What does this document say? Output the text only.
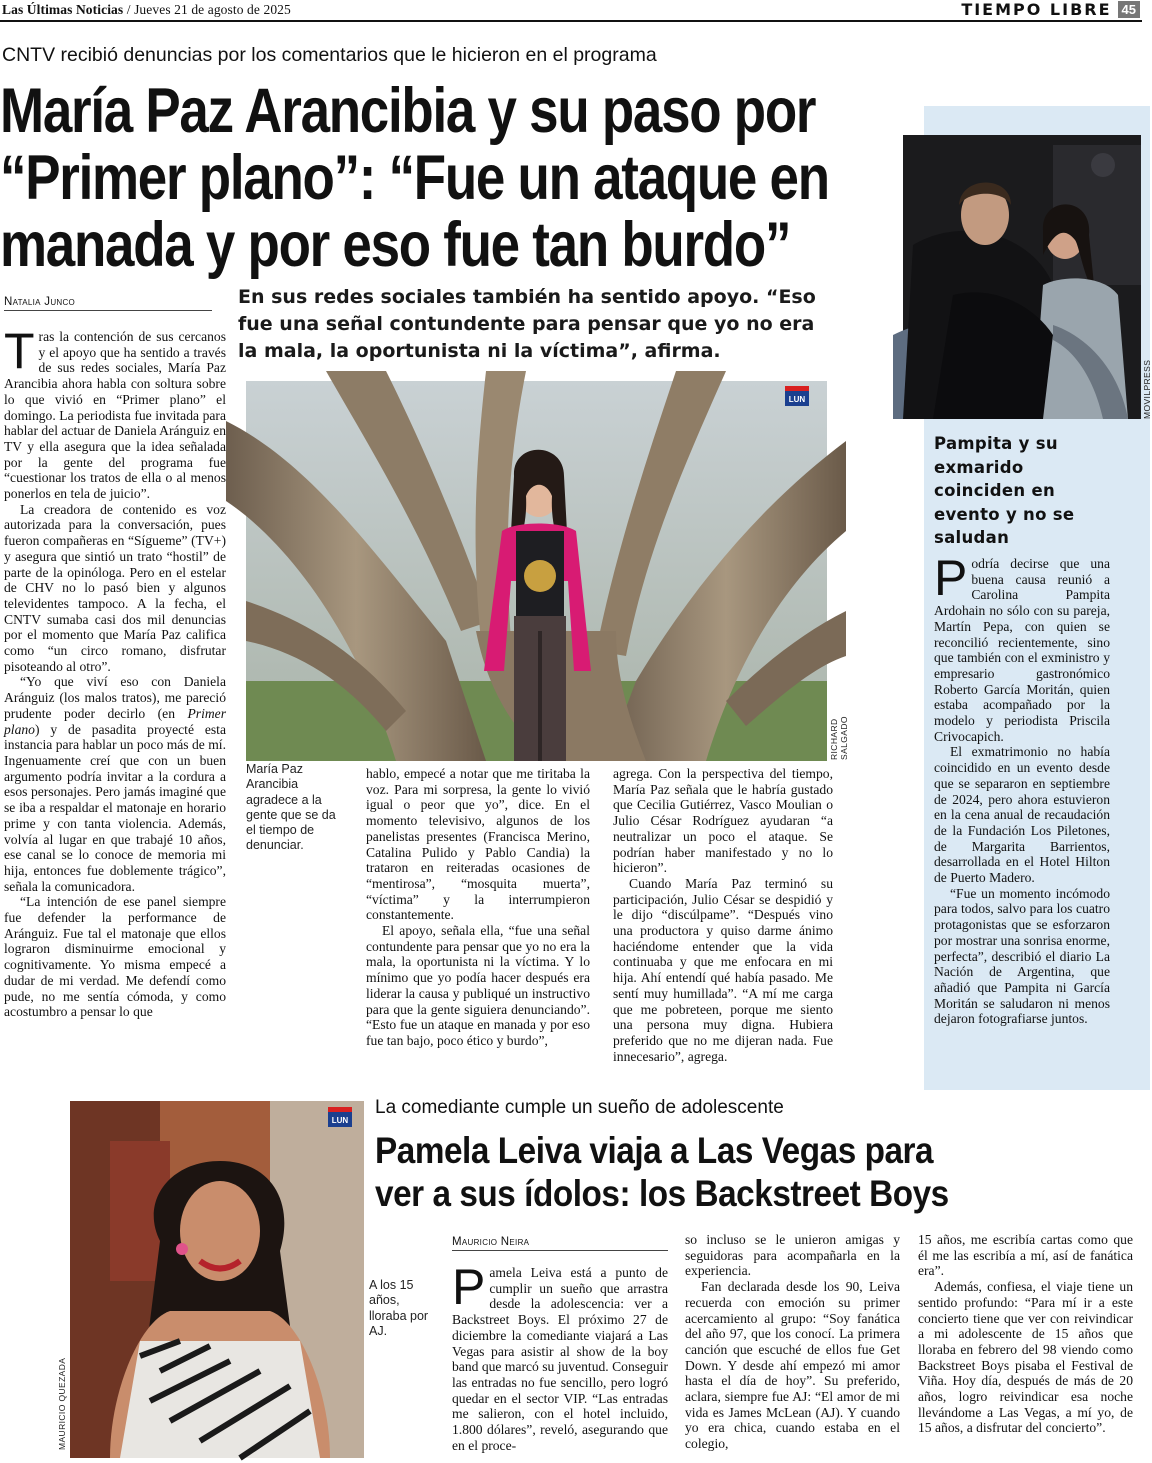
Las Últimas Noticias / Jueves 21 de agosto de 2025	TIEMPO LIBRE 45
CNTV recibió denuncias por los comentarios que le hicieron en el programa
María Paz Arancibia y su paso por
“Primer plano”: “Fue un ataque en
manada y por eso fue tan burdo”
Natalia Junco	En sus redes sociales también ha sentido apoyo. “Eso fue una señal contundente para pensar que yo no era la mala, la oportunista ni la víctima”, afirma.

Tras la contención de sus cercanos y el apoyo que ha sentido a través de sus redes sociales, María Paz Arancibia ahora habla con soltura sobre lo que vivió en “Primer plano” el domingo. La periodista fue invitada para hablar del actuar de Daniela Aránguiz en TV y ella asegura que la idea señalada por la gente del programa fue “cuestionar los tratos de ella o al menos ponerlos en tela de juicio”.

La creadora de contenido es voz autorizada para la conversación, pues fueron compañeras en “Sígueme” (TV+) y asegura que sintió un trato “hostil” de parte de la opinóloga. Pero en el estelar de CHV no lo pasó bien y algunos televidentes tampoco. A la fecha, el CNTV sumaba casi dos mil denuncias por el momento que María Paz califica como “un circo romano, disfrutar pisoteando al otro”.

“Yo que viví eso con Daniela Aránguiz (los malos tratos), me pareció prudente poder decirlo (en Primer plano) y de pasadita proyecté esta instancia para hablar un poco más de mí. Ingenuamente creí que con un buen argumento podría invitar a la cordura a esos personajes. Pero jamás imaginé que se iba a respaldar el matonaje en horario prime y con tanta violencia. Además, volvía al lugar en que trabajé 10 años, ese canal se lo conoce de memoria mi hija, entonces fue doblemente trágico”, señala la comunicadora.

“La intención de ese panel siempre fue defender la performance de Aránguiz. Fue tal el matonaje que ellos lograron disminuirme emocional y cognitivamente. Yo misma empecé a dudar de mi verdad. Me defendí como pude, no me sentía cómoda, y como acostumbro a pensar lo que

LUN
RICHARD SALGADO
María Paz Arancibia agradece a la gente que se da el tiempo de denunciar.

hablo, empecé a notar que me tiritaba la voz. Para mi sorpresa, la gente lo vivió igual o peor que yo”, dice. En el momento televisivo, algunos de los panelistas presentes (Francisca Merino, Catalina Pulido y Pablo Candia) la trataron en reiteradas ocasiones de “mentirosa”, “mosquita muerta”, “víctima” y la interrumpieron constantemente.

El apoyo, señala ella, “fue una señal contundente para pensar que yo no era la mala, la oportunista ni la víctima. Y lo mínimo que yo podía hacer después era liderar la causa y publiqué un instructivo para que la gente siguiera denunciando”. “Esto fue un ataque en manada y por eso fue tan bajo, poco ético y burdo”,

agrega. Con la perspectiva del tiempo, María Paz señala que le habría gustado que Cecilia Gutiérrez, Vasco Moulian o Julio César Rodríguez ayudaran “a neutralizar un poco el ataque. Se podrían haber manifestado y no lo hicieron”.

Cuando María Paz terminó su participación, Julio César se despidió y le dijo “discúlpame”. “Después vino una productora y quiso darme ánimo haciéndome entender que la vida continuaba y que me enfocara en mi hija. Ahí entendí qué había pasado. Me sentí muy humillada”. “A mí me carga que me pobreteen, porque me siento una persona muy digna. Hubiera preferido que no me dijeran nada. Fue innecesario”, agrega.

MOVILPRESS
Pampita y su exmarido coinciden en evento y no se saludan

Podría decirse que una buena causa reunió a Carolina Pampita Ardohain no sólo con su pareja, Martín Pepa, con quien se reconcilió recientemente, sino que también con el exministro y empresario gastronómico Roberto García Moritán, quien estaba acompañado por la modelo y periodista Priscila Crivocapich.

El exmatrimonio no había coincidido en un evento desde que se separaron en septiembre de 2024, pero ahora estuvieron en la cena anual de recaudación de la Fundación Los Piletones, de Margarita Barrientos, desarrollada en el Hotel Hilton de Puerto Madero.

“Fue un momento incómodo para todos, salvo para los cuatro protagonistas que se esforzaron por mostrar una sonrisa enorme, perfecta”, describió el diario La Nación de Argentina, que añadió que Pampita ni García Moritán se saludaron ni menos dejaron fotografiarse juntos.

LUN
MAURICIO QUEZADA
A los 15 años, lloraba por AJ.
La comediante cumple un sueño de adolescente
Pamela Leiva viaja a Las Vegas para
ver a sus ídolos: los Backstreet Boys
Mauricio Neira

Pamela Leiva está a punto de cumplir un sueño que arrastra desde la adolescencia: ver a Backstreet Boys. El próximo 27 de diciembre la comediante viajará a Las Vegas para asistir al show de la boy band que marcó su juventud. Conseguir las entradas no fue sencillo, pero logró quedar en el sector VIP. “Las entradas me salieron, con el hotel incluido, 1.800 dólares”, reveló, asegurando que en el proce-

so incluso se le unieron amigas y seguidoras para acompañarla en la experiencia.

Fan declarada desde los 90, Leiva recuerda con emoción su primer acercamiento al grupo: “Soy fanática del año 97, que los conocí. La primera canción que escuché de ellos fue Get Down. Y desde ahí empezó mi amor hasta el día de hoy”. Su preferido, aclara, siempre fue AJ: “El amor de mi vida es James McLean (AJ). Y cuando yo era chica, cuando estaba en el colegio,

15 años, me escribía cartas como que él me las escribía a mí, así de fanática era”.

Además, confiesa, el viaje tiene un sentido profundo: “Para mí ir a este concierto tiene que ver con reivindicar a mi adolescente de 15 años que lloraba en febrero del 98 viendo como Backstreet Boys pisaba el Festival de Viña. Hoy día, después de más de 20 años, logro reivindicar esa noche llevándome a Las Vegas, a mí yo, de 15 años, a disfrutar del concierto”.
